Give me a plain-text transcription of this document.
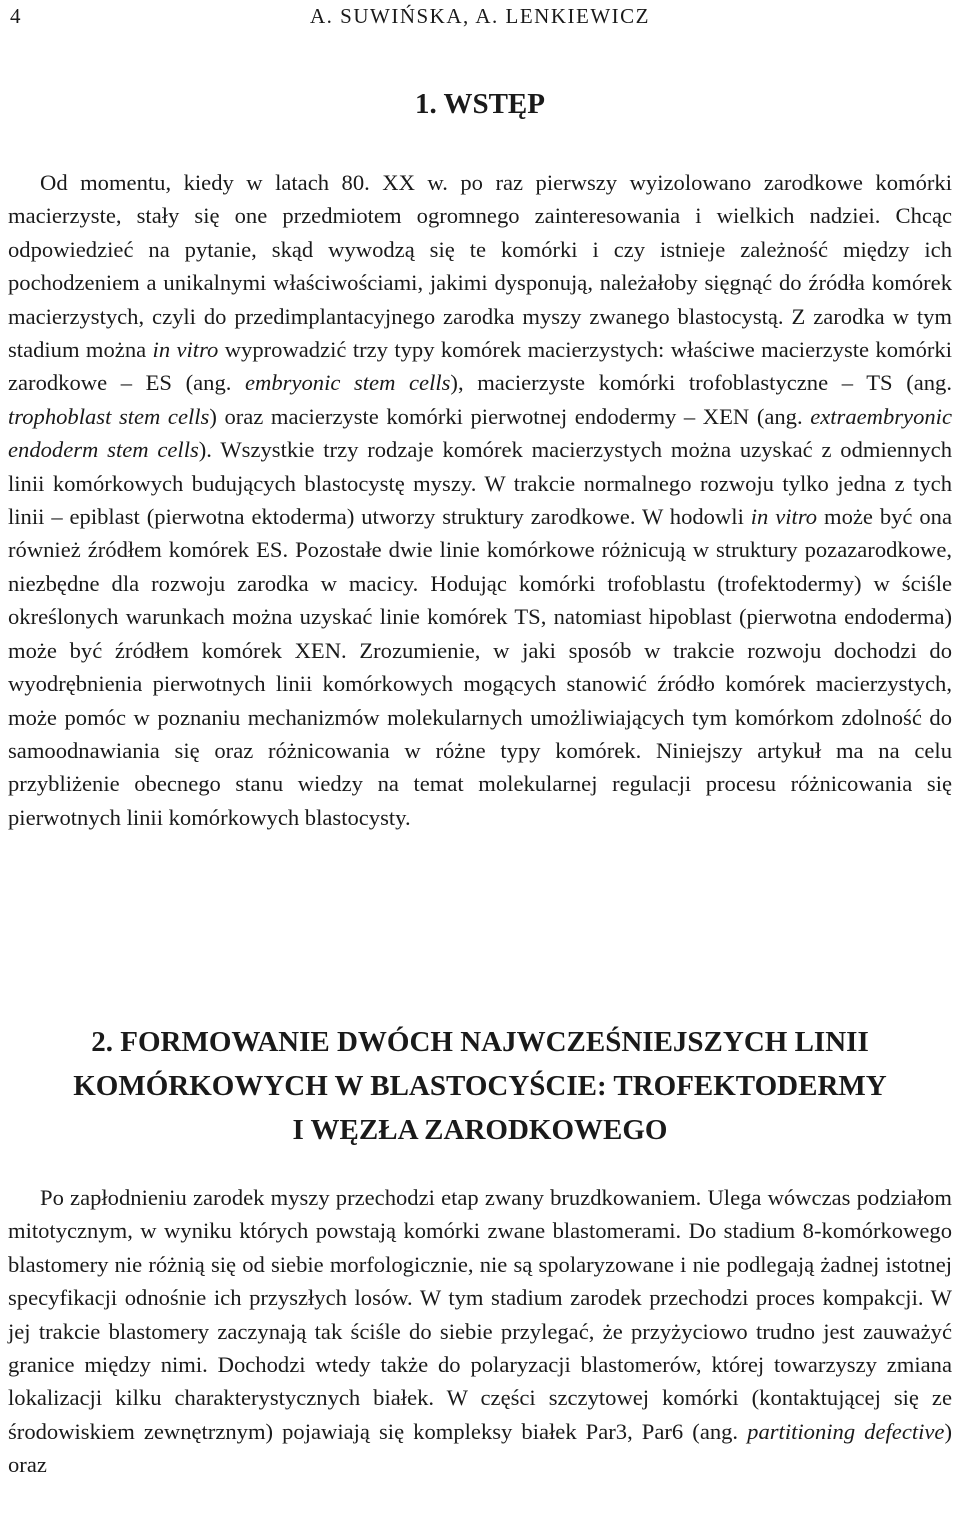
4	A. SUWIŃSKA, A. LENKIEWICZ
1. WSTĘP

Od momentu, kiedy w latach 80. XX w. po raz pierwszy wyizolowano zarodkowe komórki macierzyste, stały się one przedmiotem ogromnego zainteresowania i wielkich nadziei. Chcąc odpowiedzieć na pytanie, skąd wywodzą się te komórki i czy istnieje zależność między ich pochodzeniem a unikalnymi właściwościami, jakimi dysponują, należałoby sięgnąć do źródła komórek macierzystych, czyli do przedimplantacyjnego zarodka myszy zwanego blastocystą. Z zarodka w tym stadium można in vitro wyprowadzić trzy typy komórek macierzystych: właściwe macierzyste komórki zarodkowe – ES (ang. embryonic stem cells), macierzyste komórki trofoblastyczne – TS (ang. trophoblast stem cells) oraz macierzyste komórki pierwotnej endodermy – XEN (ang. extraembryonic endoderm stem cells). Wszystkie trzy rodzaje komórek macierzystych można uzyskać z odmiennych linii komórkowych budujących blastocystę myszy. W trakcie normalnego rozwoju tylko jedna z tych linii – epiblast (pierwotna ektoderma) utworzy struktury zarodkowe. W hodowli in vitro może być ona również źródłem komórek ES. Pozostałe dwie linie komórkowe różnicują w struktury pozazarodkowe, niezbędne dla rozwoju zarodka w macicy. Hodując komórki trofoblastu (trofektodermy) w ściśle określonych warunkach można uzyskać linie komórek TS, natomiast hipoblast (pierwotna endoderma) może być źródłem komórek XEN. Zrozumienie, w jaki sposób w trakcie rozwoju dochodzi do wyodrębnienia pierwotnych linii komórkowych mogących stanowić źródło komórek macierzystych, może pomóc w poznaniu mechanizmów molekularnych umożliwiających tym komórkom zdolność do samoodnawiania się oraz różnicowania w różne typy komórek. Niniejszy artykuł ma na celu przybliżenie obecnego stanu wiedzy na temat molekularnej regulacji procesu różnicowania się pierwotnych linii komórkowych blastocysty.

2. FORMOWANIE DWÓCH NAJWCZEŚNIEJSZYCH LINII
KOMÓRKOWYCH W BLASTOCYŚCIE: TROFEKTODERMY
I WĘZŁA ZARODKOWEGO

Po zapłodnieniu zarodek myszy przechodzi etap zwany bruzdkowaniem. Ulega wówczas podziałom mitotycznym, w wyniku których powstają komórki zwane blastomerami. Do stadium 8-komórkowego blastomery nie różnią się od siebie morfologicznie, nie są spolaryzowane i nie podlegają żadnej istotnej specyfikacji odnośnie ich przyszłych losów. W tym stadium zarodek przechodzi proces kompakcji. W jej trakcie blastomery zaczynają tak ściśle do siebie przylegać, że przyżyciowo trudno jest zauważyć granice między nimi. Dochodzi wtedy także do polaryzacji blastomerów, której towarzyszy zmiana lokalizacji kilku charakterystycznych białek. W części szczytowej komórki (kontaktującej się ze środowiskiem zewnętrznym) pojawiają się kompleksy białek Par3, Par6 (ang. partitioning defective) oraz
